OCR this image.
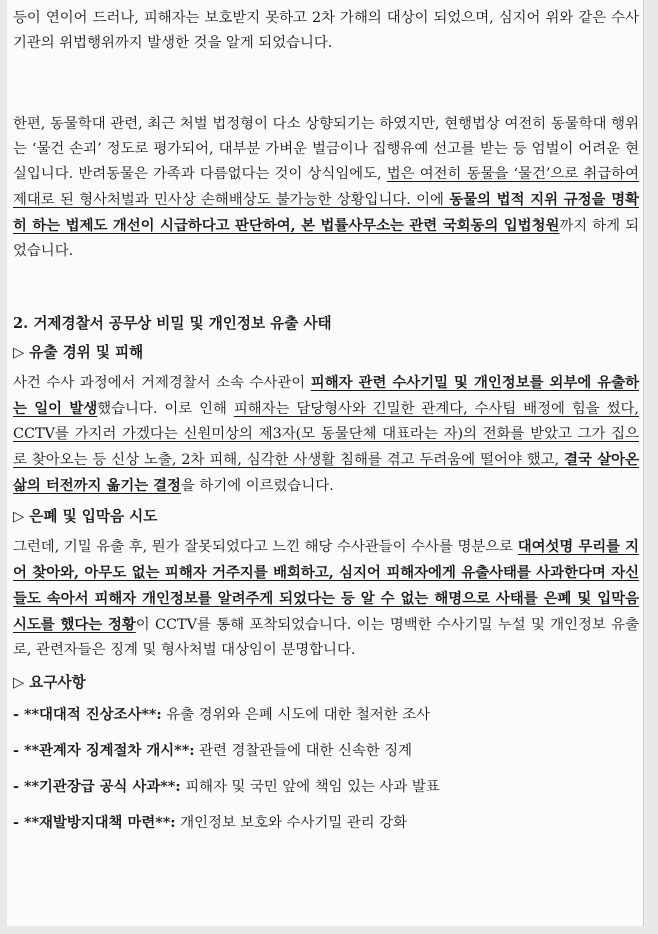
등이 연이어 드러나, 피해자는 보호받지 못하고 2차 가해의 대상이 되었으며, 심지어 위와 같은 수사기관의 위법행위까지 발생한 것을 알게 되었습니다.

한편, 동물학대 관련, 최근 처벌 법정형이 다소 상향되기는 하였지만, 현행법상 여전히 동물학대 행위는 ‘물건 손괴’ 정도로 평가되어, 대부분 가벼운 벌금이나 집행유예 선고를 받는 등 엄벌이 어려운 현실입니다. 반려동물은 가족과 다름없다는 것이 상식임에도, 법은 여전히 동물을 ‘물건’으로 취급하여 제대로 된 형사처벌과 민사상 손해배상도 불가능한 상황입니다. 이에 동물의 법적 지위 규정을 명확히 하는 법제도 개선이 시급하다고 판단하여, 본 법률사무소는 관련 국회동의 입법청원까지 하게 되었습니다.

2. 거제경찰서 공무상 비밀 및 개인정보 유출 사태

▷ 유출 경위 및 피해

사건 수사 과정에서 거제경찰서 소속 수사관이 피해자 관련 수사기밀 및 개인정보를 외부에 유출하는 일이 발생했습니다. 이로 인해 피해자는 담당형사와 긴밀한 관계다, 수사팀 배정에 힘을 썼다, CCTV를 가지러 가겠다는 신원미상의 제3자(모 동물단체 대표라는 자)의 전화를 받았고 그가 집으로 찾아오는 등 신상 노출, 2차 피해, 심각한 사생활 침해를 겪고 두려움에 떨어야 했고, 결국 살아온 삶의 터전까지 옮기는 결정을 하기에 이르렀습니다.

▷ 은폐 및 입막음 시도

그런데, 기밀 유출 후, 뭔가 잘못되었다고 느낀 해당 수사관들이 수사를 명분으로 대여섯명 무리를 지어 찾아와, 아무도 없는 피해자 거주지를 배회하고, 심지어 피해자에게 유출사태를 사과한다며 자신들도 속아서 피해자 개인정보를 알려주게 되었다는 등 알 수 없는 해명으로 사태를 은폐 및 입막음 시도를 했다는 정황이 CCTV를 통해 포착되었습니다. 이는 명백한 수사기밀 누설 및 개인정보 유출로, 관련자들은 징계 및 형사처벌 대상임이 분명합니다.

▷ 요구사항

- **대대적 진상조사**: 유출 경위와 은폐 시도에 대한 철저한 조사
- **관계자 징계절차 개시**: 관련 경찰관들에 대한 신속한 징계
- **기관장급 공식 사과**: 피해자 및 국민 앞에 책임 있는 사과 발표
- **재발방지대책 마련**: 개인정보 보호와 수사기밀 관리 강화
